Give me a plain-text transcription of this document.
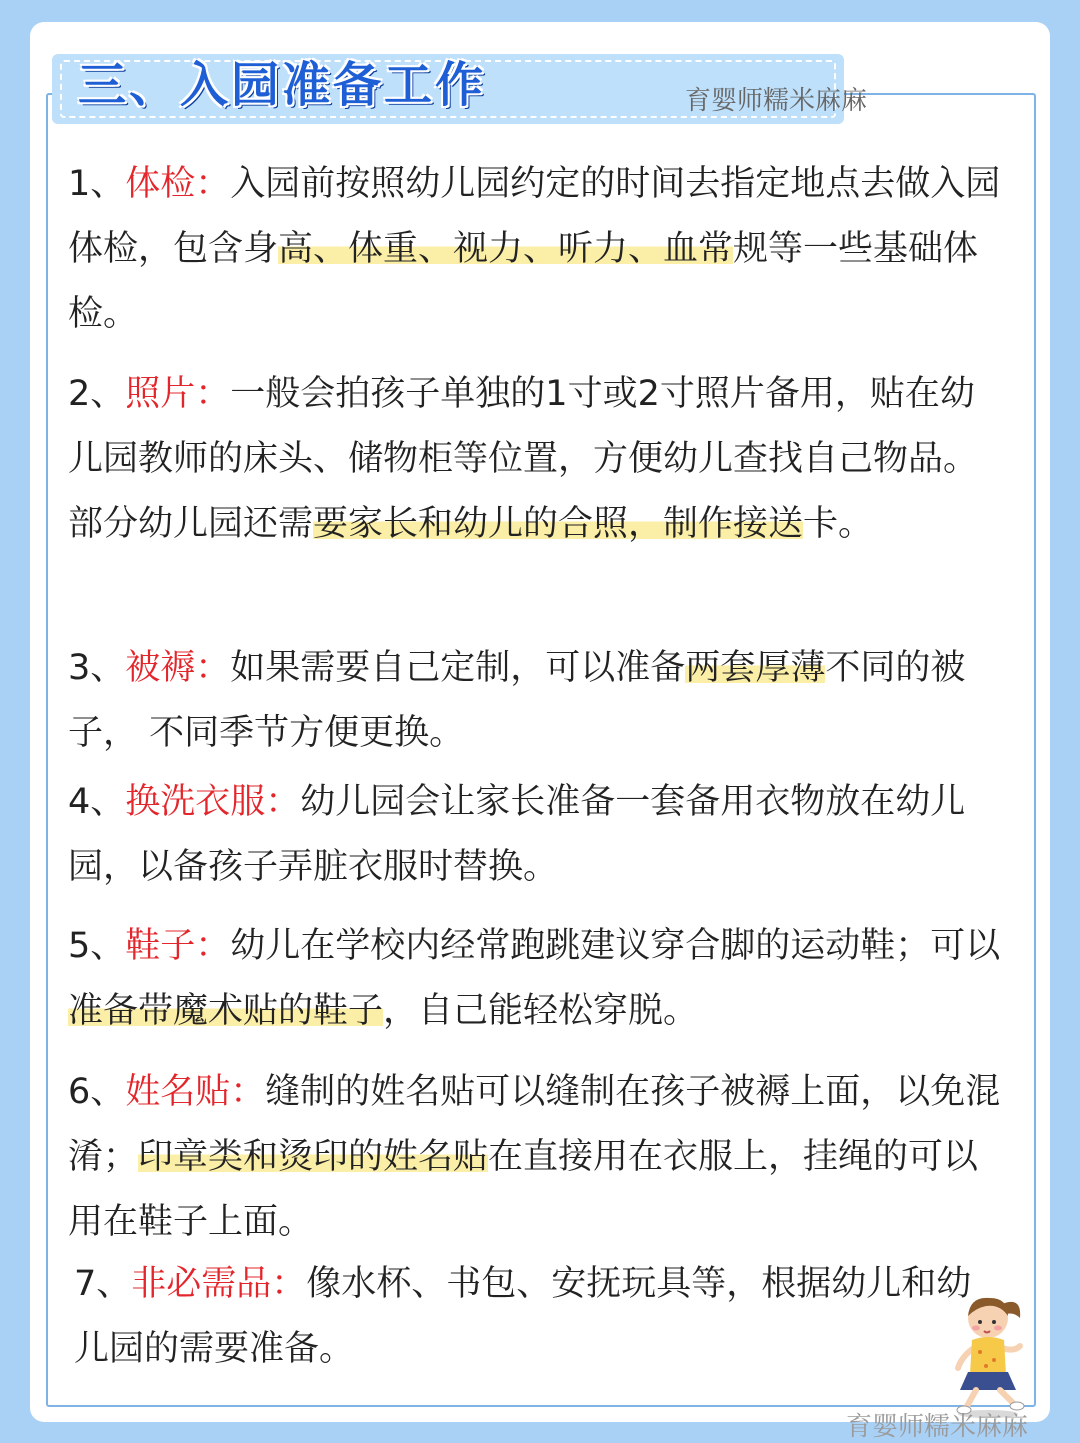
三、入园准备工作	育婴师糯米麻麻
1、体检：入园前按照幼儿园约定的时间去指定地点去做入园体检，包含身高、体重、视力、听力、血常规等一些基础体检。
2、照片：一般会拍孩子单独的1寸或2寸照片备用，贴在幼儿园教师的床头、储物柜等位置，方便幼儿查找自己物品。
部分幼儿园还需要家长和幼儿的合照，制作接送卡。
3、被褥：如果需要自己定制，可以准备两套厚薄不同的被子， 不同季节方便更换。
4、换洗衣服：幼儿园会让家长准备一套备用衣物放在幼儿园，以备孩子弄脏衣服时替换。
5、鞋子：幼儿在学校内经常跑跳建议穿合脚的运动鞋；可以准备带魔术贴的鞋子，自己能轻松穿脱。
6、姓名贴：缝制的姓名贴可以缝制在孩子被褥上面，以免混淆；印章类和烫印的姓名贴在直接用在衣服上，挂绳的可以用在鞋子上面。
7、非必需品：像水杯、书包、安抚玩具等，根据幼儿和幼儿园的需要准备。
育婴师糯米麻麻
